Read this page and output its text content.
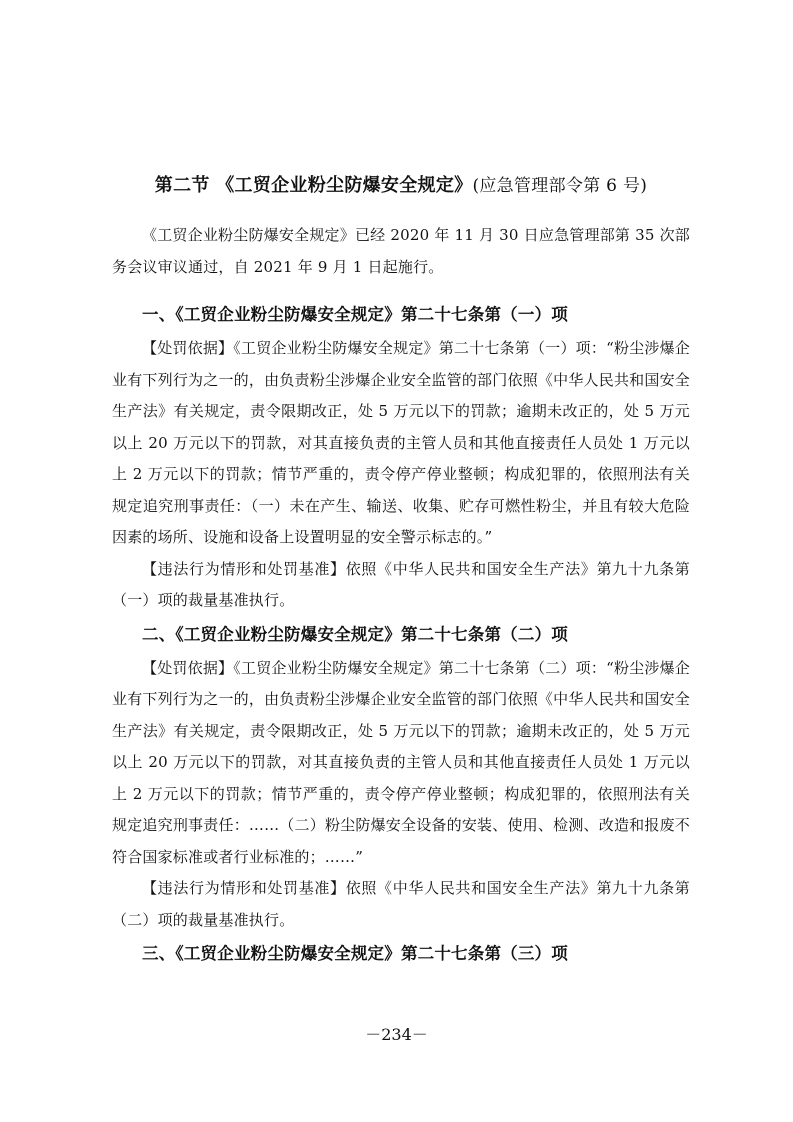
第二节 《工贸企业粉尘防爆安全规定》(应急管理部令第 6 号)

《工贸企业粉尘防爆安全规定》已经 2020 年 11 月 30 日应急管理部第 35 次部务会议审议通过，自 2021 年 9 月 1 日起施行。

一、《工贸企业粉尘防爆安全规定》第二十七条第（一）项

【处罚依据】《工贸企业粉尘防爆安全规定》第二十七条第（一）项：“粉尘涉爆企业有下列行为之一的，由负责粉尘涉爆企业安全监管的部门依照《中华人民共和国安全生产法》有关规定，责令限期改正，处 5 万元以下的罚款；逾期未改正的，处 5 万元以上 20 万元以下的罚款，对其直接负责的主管人员和其他直接责任人员处 1 万元以上 2 万元以下的罚款；情节严重的，责令停产停业整顿；构成犯罪的，依照刑法有关规定追究刑事责任：（一）未在产生、输送、收集、贮存可燃性粉尘，并且有较大危险因素的场所、设施和设备上设置明显的安全警示标志的。”

【违法行为情形和处罚基准】依照《中华人民共和国安全生产法》第九十九条第（一）项的裁量基准执行。

二、《工贸企业粉尘防爆安全规定》第二十七条第（二）项

【处罚依据】《工贸企业粉尘防爆安全规定》第二十七条第（二）项：“粉尘涉爆企业有下列行为之一的，由负责粉尘涉爆企业安全监管的部门依照《中华人民共和国安全生产法》有关规定，责令限期改正，处 5 万元以下的罚款；逾期未改正的，处 5 万元以上 20 万元以下的罚款，对其直接负责的主管人员和其他直接责任人员处 1 万元以上 2 万元以下的罚款；情节严重的，责令停产停业整顿；构成犯罪的，依照刑法有关规定追究刑事责任：……（二）粉尘防爆安全设备的安装、使用、检测、改造和报废不符合国家标准或者行业标准的；……”

【违法行为情形和处罚基准】依照《中华人民共和国安全生产法》第九十九条第（二）项的裁量基准执行。

三、《工贸企业粉尘防爆安全规定》第二十七条第（三）项

－234－
